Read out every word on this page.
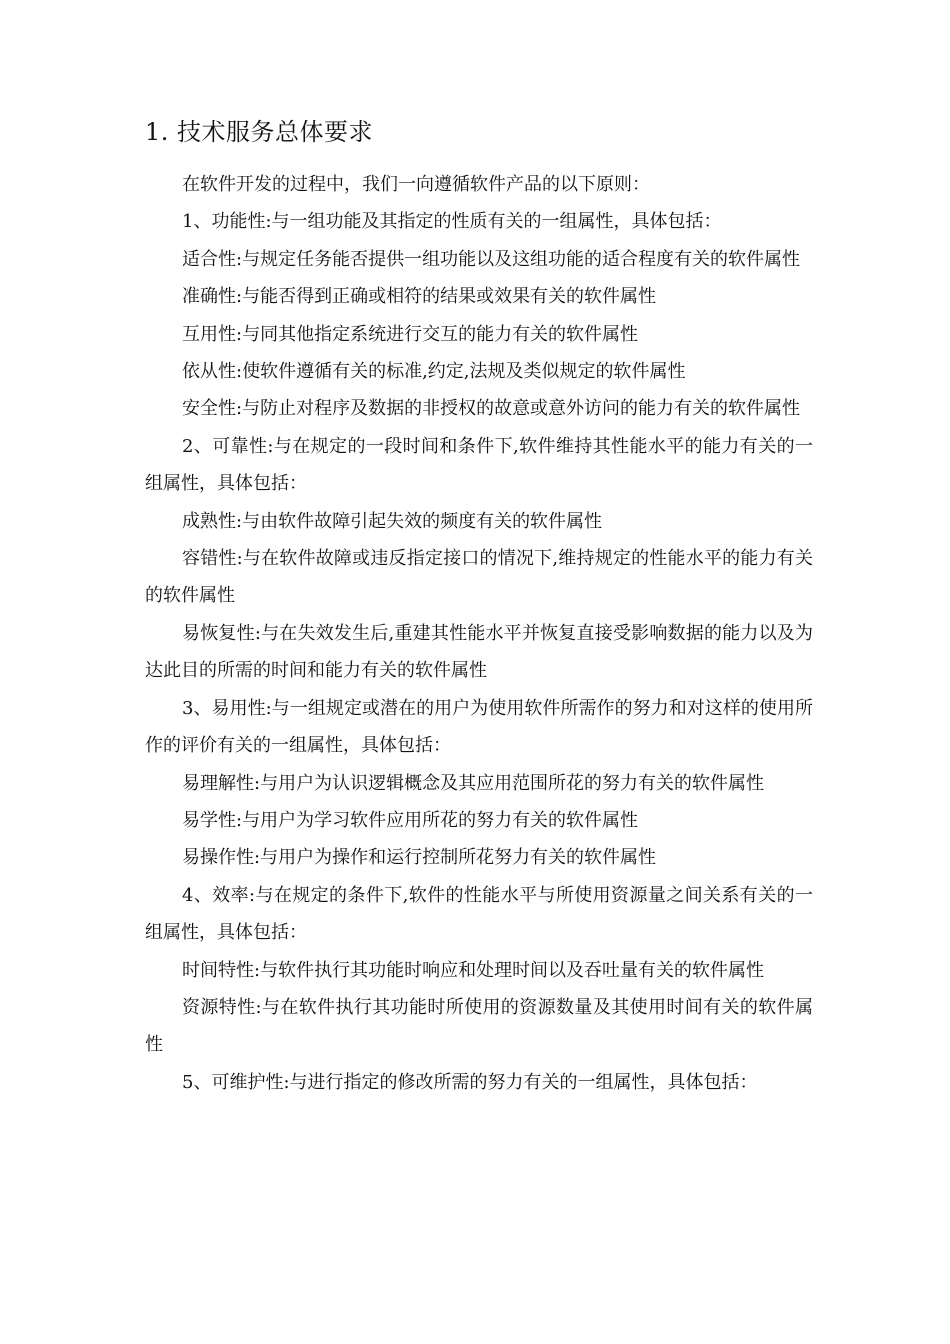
1. 技术服务总体要求

在软件开发的过程中，我们一向遵循软件产品的以下原则：

1、功能性:与一组功能及其指定的性质有关的一组属性，具体包括：

适合性:与规定任务能否提供一组功能以及这组功能的适合程度有关的软件属性

准确性:与能否得到正确或相符的结果或效果有关的软件属性

互用性:与同其他指定系统进行交互的能力有关的软件属性

依从性:使软件遵循有关的标准,约定,法规及类似规定的软件属性

安全性:与防止对程序及数据的非授权的故意或意外访问的能力有关的软件属性

2、可靠性:与在规定的一段时间和条件下,软件维持其性能水平的能力有关的一组属性，具体包括：

成熟性:与由软件故障引起失效的频度有关的软件属性

容错性:与在软件故障或违反指定接口的情况下,维持规定的性能水平的能力有关的软件属性

易恢复性:与在失效发生后,重建其性能水平并恢复直接受影响数据的能力以及为达此目的所需的时间和能力有关的软件属性

3、易用性:与一组规定或潜在的用户为使用软件所需作的努力和对这样的使用所作的评价有关的一组属性，具体包括：

易理解性:与用户为认识逻辑概念及其应用范围所花的努力有关的软件属性

易学性:与用户为学习软件应用所花的努力有关的软件属性

易操作性:与用户为操作和运行控制所花努力有关的软件属性

4、效率:与在规定的条件下,软件的性能水平与所使用资源量之间关系有关的一组属性，具体包括：

时间特性:与软件执行其功能时响应和处理时间以及吞吐量有关的软件属性

资源特性:与在软件执行其功能时所使用的资源数量及其使用时间有关的软件属性

5、可维护性:与进行指定的修改所需的努力有关的一组属性，具体包括：
